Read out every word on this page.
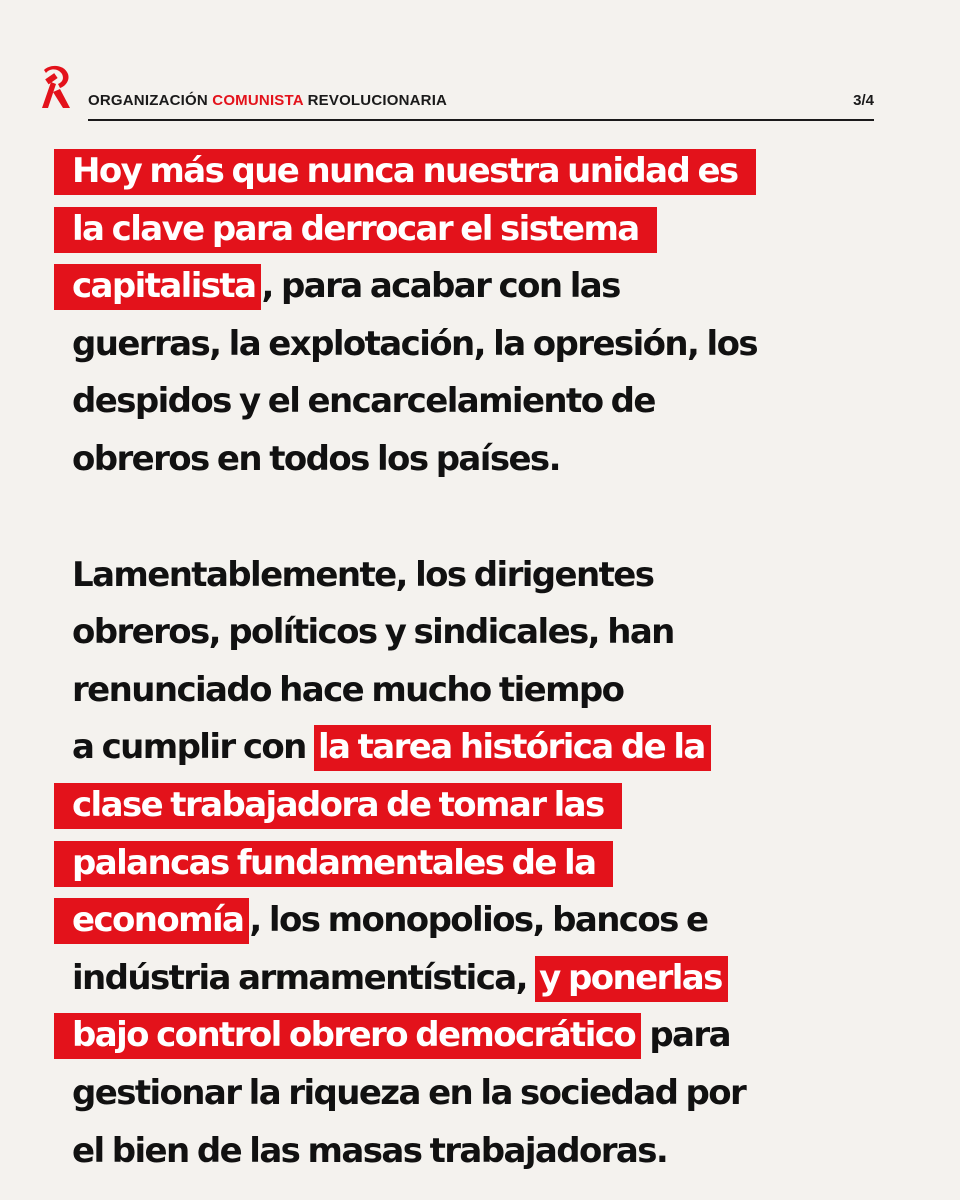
ORGANIZACIÓN COMUNISTA REVOLUCIONARIA	3/4
Hoy más que nunca nuestra unidad es
la clave para derrocar el sistema
capitalista , para acabar con las
guerras, la explotación, la opresión, los
despidos y el encarcelamiento de
obreros en todos los países.
Lamentablemente, los dirigentes
obreros, políticos y sindicales, han
renunciado hace mucho tiempo
a cumplir con la tarea histórica de la
clase trabajadora de tomar las
palancas fundamentales de la
economía , los monopolios, bancos e
indústria armamentística, y ponerlas
bajo control obrero democrático para
gestionar la riqueza en la sociedad por
el bien de las masas trabajadoras.
